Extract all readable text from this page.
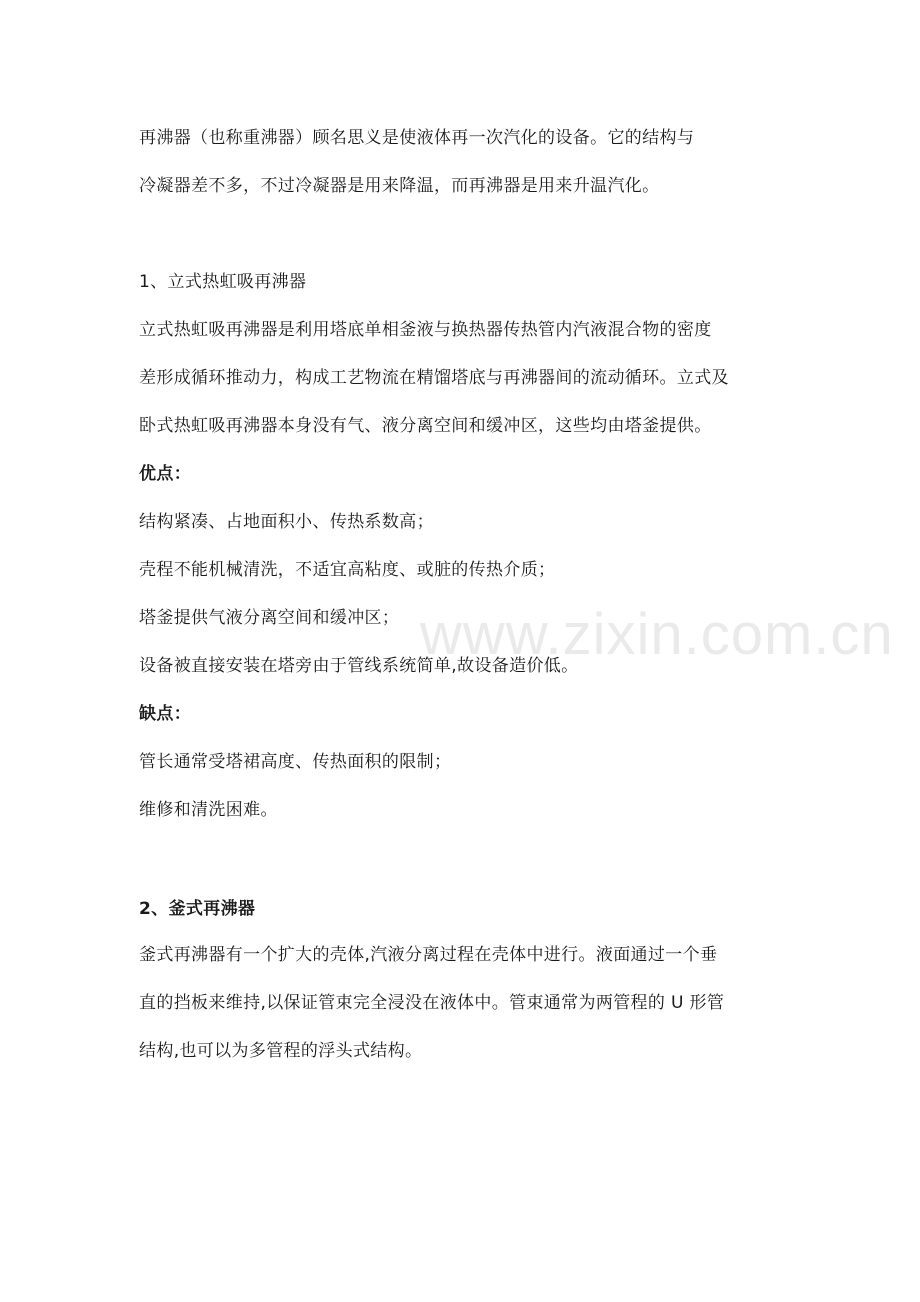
再沸器（也称重沸器）顾名思义是使液体再一次汽化的设备。它的结构与
冷凝器差不多，不过冷凝器是用来降温，而再沸器是用来升温汽化。
1、立式热虹吸再沸器
立式热虹吸再沸器是利用塔底单相釜液与换热器传热管内汽液混合物的密度
差形成循环推动力，构成工艺物流在精馏塔底与再沸器间的流动循环。立式及
卧式热虹吸再沸器本身没有气、液分离空间和缓冲区，这些均由塔釜提供。
优点：
结构紧凑、占地面积小、传热系数高；
壳程不能机械清洗，不适宜高粘度、或脏的传热介质；
塔釜提供气液分离空间和缓冲区；
设备被直接安装在塔旁由于管线系统简单,故设备造价低。
缺点：
管长通常受塔裙高度、传热面积的限制；
维修和清洗困难。
2、釜式再沸器
釜式再沸器有一个扩大的壳体,汽液分离过程在壳体中进行。液面通过一个垂
直的挡板来维持,以保证管束完全浸没在液体中。管束通常为两管程的 U 形管
结构,也可以为多管程的浮头式结构。
www.zixin.com.cn
